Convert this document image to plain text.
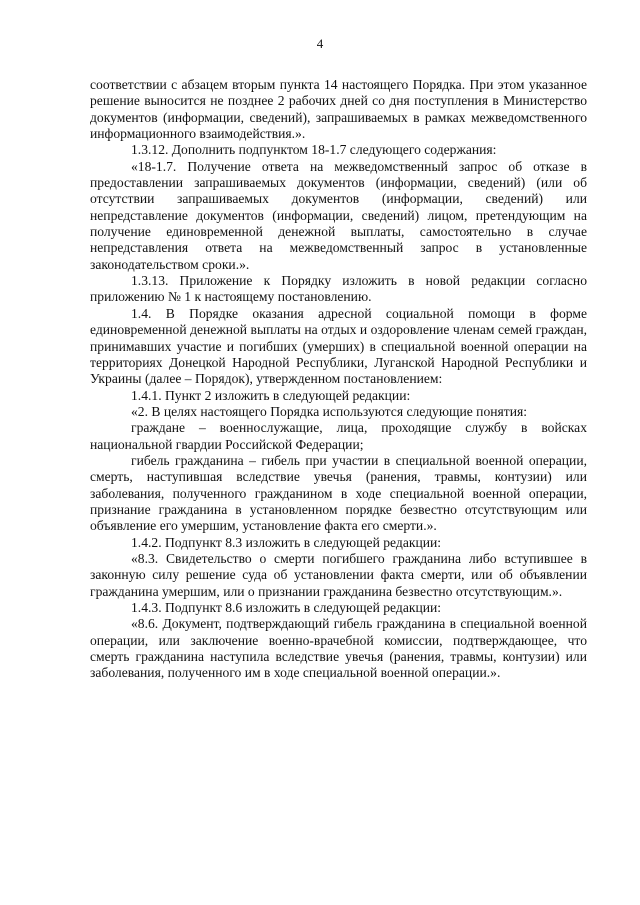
4

соответствии с абзацем вторым пункта 14 настоящего Порядка. При этом указанное решение выносится не позднее 2 рабочих дней со дня поступления в Министерство документов (информации, сведений), запрашиваемых в рамках межведомственного информационного взаимодействия.».

1.3.12. Дополнить подпунктом 18-1.7 следующего содержания:

«18-1.7. Получение ответа на межведомственный запрос об отказе в предоставлении запрашиваемых документов (информации, сведений) (или об отсутствии запрашиваемых документов (информации, сведений) или непредставление документов (информации, сведений) лицом, претендующим на получение единовременной денежной выплаты, самостоятельно в случае непредставления ответа на межведомственный запрос в установленные законодательством сроки.».

1.3.13. Приложение к Порядку изложить в новой редакции согласно приложению № 1 к настоящему постановлению.

1.4. В Порядке оказания адресной социальной помощи в форме единовременной денежной выплаты на отдых и оздоровление членам семей граждан, принимавших участие и погибших (умерших) в специальной военной операции на территориях Донецкой Народной Республики, Луганской Народной Республики и Украины (далее – Порядок), утвержденном постановлением:

1.4.1. Пункт 2 изложить в следующей редакции:

«2. В целях настоящего Порядка используются следующие понятия:

граждане – военнослужащие, лица, проходящие службу в войсках национальной гвардии Российской Федерации;

гибель гражданина – гибель при участии в специальной военной операции, смерть, наступившая вследствие увечья (ранения, травмы, контузии) или заболевания, полученного гражданином в ходе специальной военной операции, признание гражданина в установленном порядке безвестно отсутствующим или объявление его умершим, установление факта его смерти.».

1.4.2. Подпункт 8.3 изложить в следующей редакции:

«8.3. Свидетельство о смерти погибшего гражданина либо вступившее в законную силу решение суда об установлении факта смерти, или об объявлении гражданина умершим, или о признании гражданина безвестно отсутствующим.».

1.4.3. Подпункт 8.6 изложить в следующей редакции:

«8.6. Документ, подтверждающий гибель гражданина в специальной военной операции, или заключение военно-врачебной комиссии, подтверждающее, что смерть гражданина наступила вследствие увечья (ранения, травмы, контузии) или заболевания, полученного им в ходе специальной военной операции.».
